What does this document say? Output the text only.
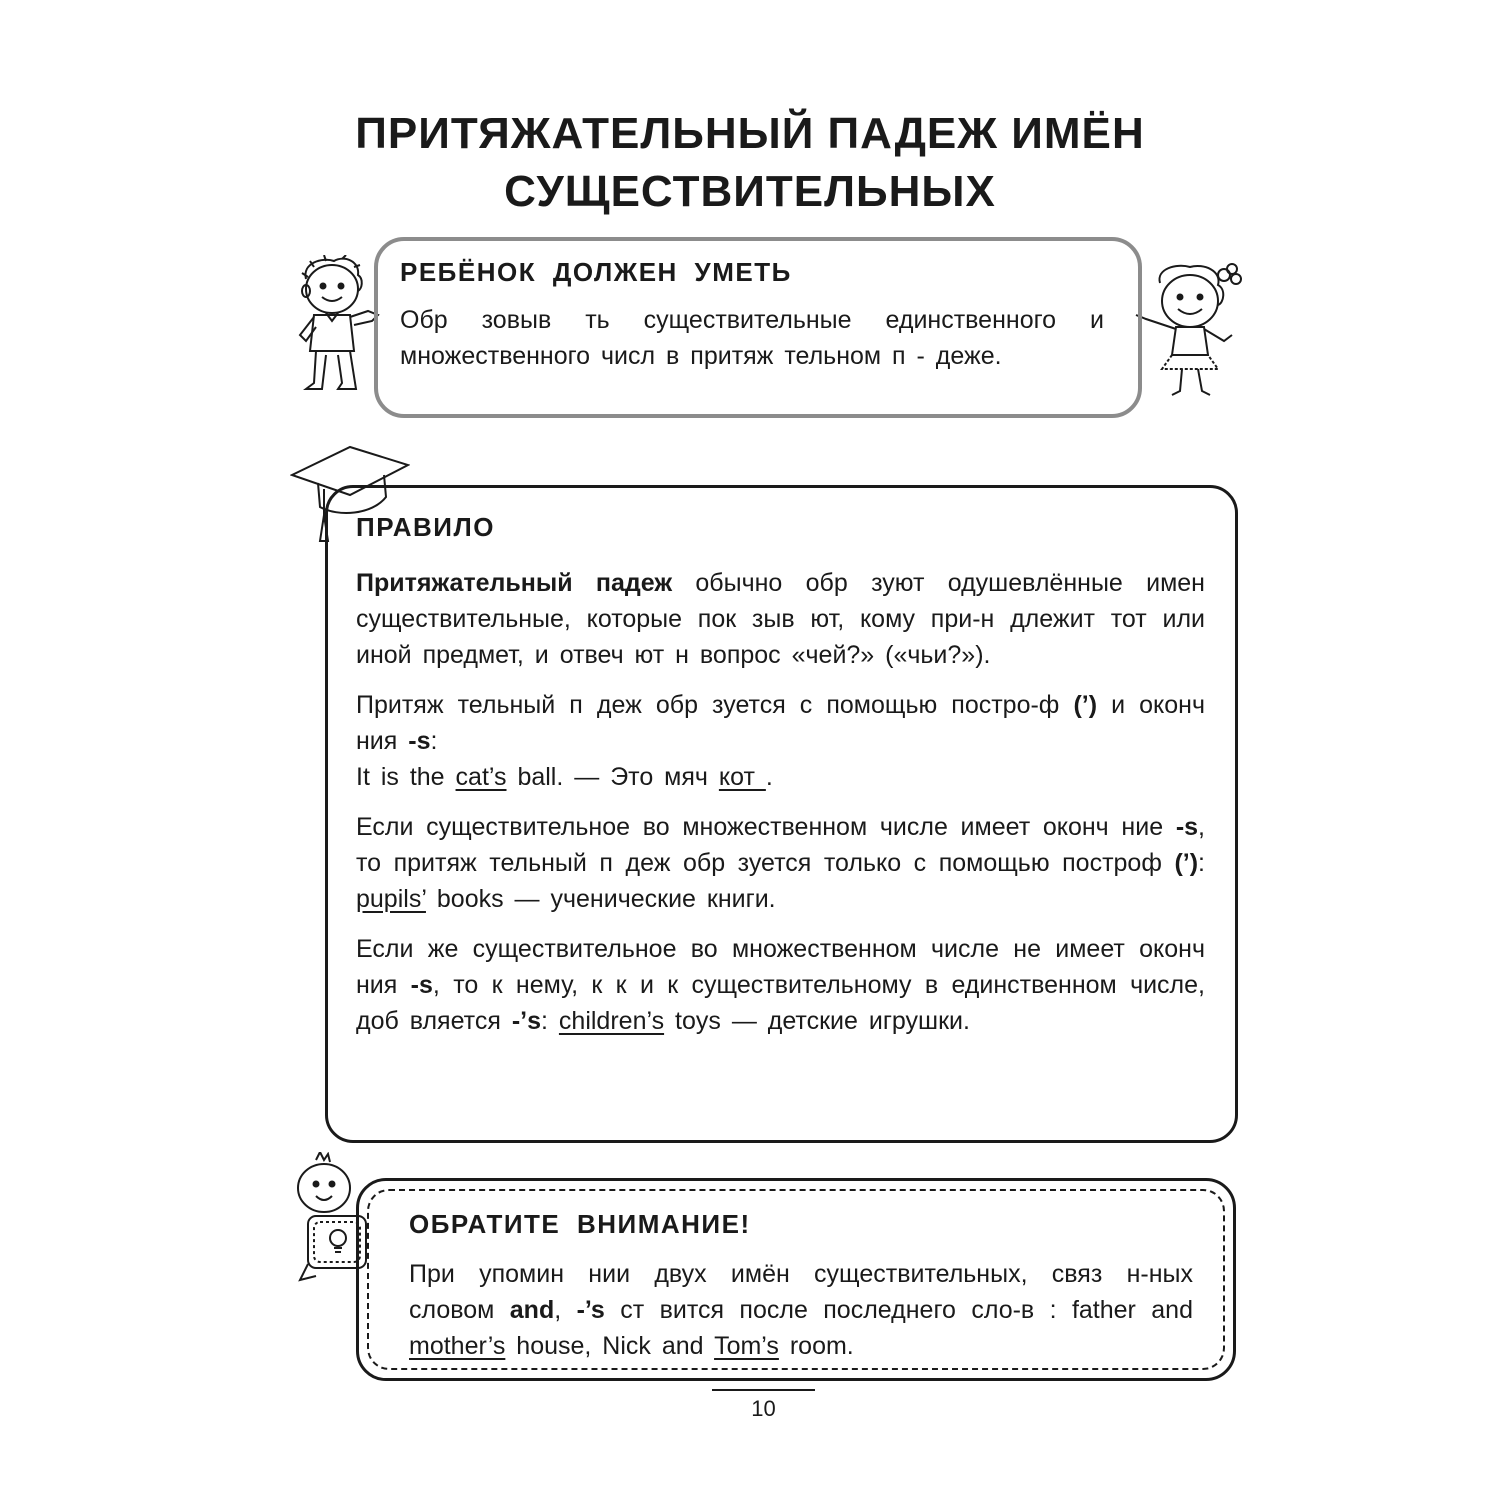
ПРИТЯЖАТЕЛЬНЫЙ ПАДЕЖ ИМЁН
СУЩЕСТВИТЕЛЬНЫХ
РЕБЁНОК ДОЛЖЕН УМЕТЬ

Обр зовыв ть существительные единственного и множественного числ в притяж тельном п - деже.

ПРАВИЛО

Притяжательный падеж обычно обр зуют одушевлённые имен существительные, которые пок зыв ют, кому при-н длежит тот или иной предмет, и отвеч ют н вопрос «чей?» («чьи?»).

Притяж тельный п деж обр зуется с помощью постро-ф (’) и оконч ния -s:

It is the cat’s ball. — Это мяч кот .

Если существительное во множественном числе имеет оконч ние -s, то притяж тельный п деж обр зуется только с помощью построф (’): pupils’ books — ученические книги.

Если же существительное во множественном числе не имеет оконч ния -s, то к нему, к к и к существительному в единственном числе, доб вляется -’s: children’s toys — детские игрушки.

ОБРАТИТЕ ВНИМАНИЕ!

При упомин нии двух имён существительных, связ н-ных словом and, -’s ст вится после последнего сло-в : father and mother’s house, Nick and Tom’s room.

10
